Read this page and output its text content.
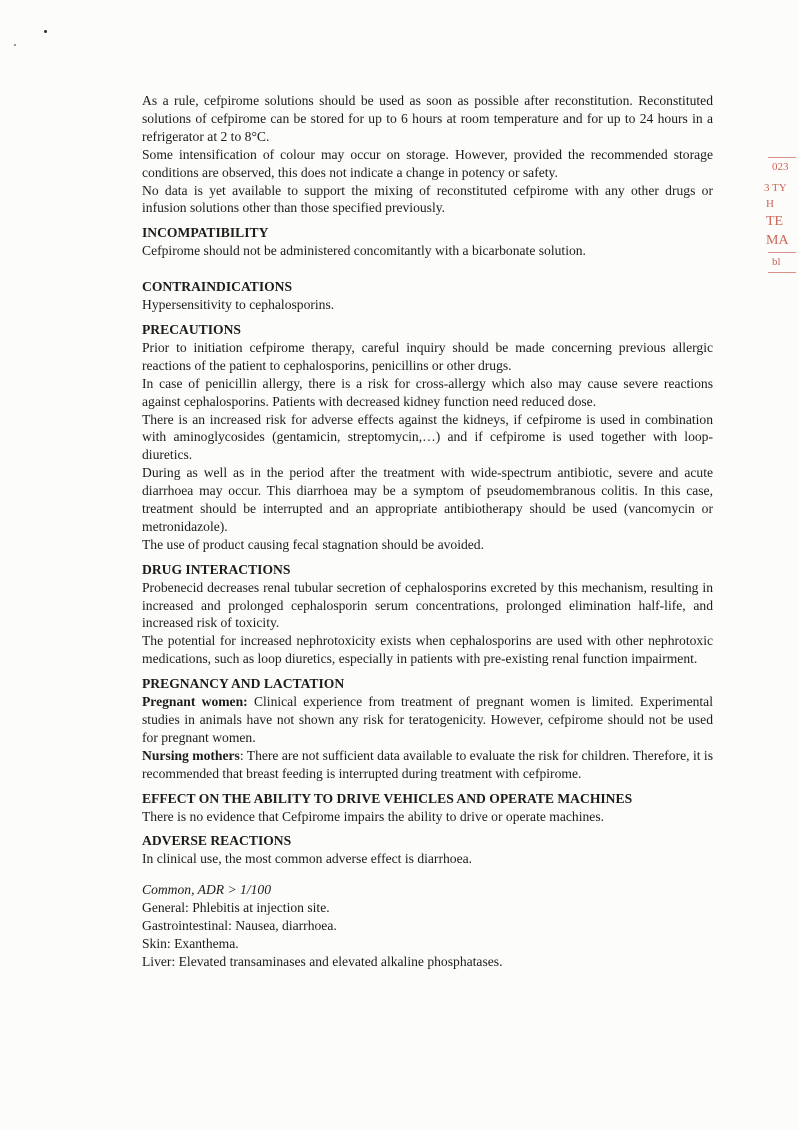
023
3 TY
H
TE
MA
bl

As a rule, cefpirome solutions should be used as soon as possible after reconstitution. Reconstituted solutions of cefpirome can be stored for up to 6 hours at room temperature and for up to 24 hours in a refrigerator at 2 to 8°C.

Some intensification of colour may occur on storage. However, provided the recommended storage conditions are observed, this does not indicate a change in potency or safety.

No data is yet available to support the mixing of reconstituted cefpirome with any other drugs or infusion solutions other than those specified previously.

INCOMPATIBILITY

Cefpirome should not be administered concomitantly with a bicarbonate solution.

CONTRAINDICATIONS

Hypersensitivity to cephalosporins.

PRECAUTIONS

Prior to initiation cefpirome therapy, careful inquiry should be made concerning previous allergic reactions of the patient to cephalosporins, penicillins or other drugs.

In case of penicillin allergy, there is a risk for cross-allergy which also may cause severe reactions against cephalosporins. Patients with decreased kidney function need reduced dose.

There is an increased risk for adverse effects against the kidneys, if cefpirome is used in combination with aminoglycosides (gentamicin, streptomycin,…) and if cefpirome is used together with loop-diuretics.

During as well as in the period after the treatment with wide-spectrum antibiotic, severe and acute diarrhoea may occur. This diarrhoea may be a symptom of pseudomembranous colitis. In this case, treatment should be interrupted and an appropriate antibiotherapy should be used (vancomycin or metronidazole).

The use of product causing fecal stagnation should be avoided.

DRUG INTERACTIONS

Probenecid decreases renal tubular secretion of cephalosporins excreted by this mechanism, resulting in increased and prolonged cephalosporin serum concentrations, prolonged elimination half-life, and increased risk of toxicity.

The potential for increased nephrotoxicity exists when cephalosporins are used with other nephrotoxic medications, such as loop diuretics, especially in patients with pre-existing renal function impairment.

PREGNANCY AND LACTATION

Pregnant women: Clinical experience from treatment of pregnant women is limited. Experimental studies in animals have not shown any risk for teratogenicity. However, cefpirome should not be used for pregnant women.

Nursing mothers: There are not sufficient data available to evaluate the risk for children. Therefore, it is recommended that breast feeding is interrupted during treatment with cefpirome.

EFFECT ON THE ABILITY TO DRIVE VEHICLES AND OPERATE MACHINES

There is no evidence that Cefpirome impairs the ability to drive or operate machines.

ADVERSE REACTIONS

In clinical use, the most common adverse effect is diarrhoea.

Common, ADR > 1/100

General: Phlebitis at injection site.

Gastrointestinal: Nausea, diarrhoea.

Skin: Exanthema.

Liver: Elevated transaminases and elevated alkaline phosphatases.
